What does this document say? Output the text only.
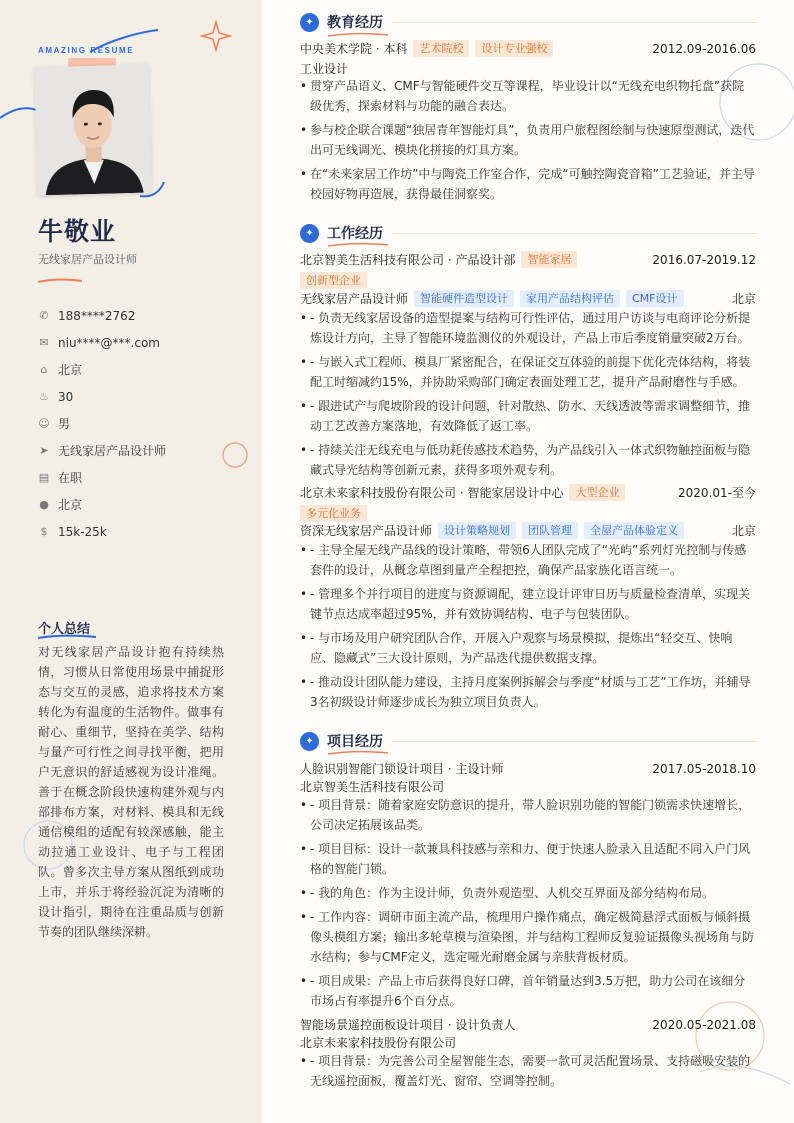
AMAZING RESUME
牛敬业
无线家居产品设计师
✆ 188****2762
✉ niu****@***.com
⌂ 北京
♨ 30
☺ 男
➤ 无线家居产品设计师
▤ 在职
● 北京
$ 15k-25k
个人总结
对无线家居产品设计抱有持续热情，习惯从日常使用场景中捕捉形态与交互的灵感，追求将技术方案转化为有温度的生活物件。做事有耐心、重细节，坚持在美学、结构与量产可行性之间寻找平衡，把用户无意识的舒适感视为设计准绳。善于在概念阶段快速构建外观与内部排布方案，对材料、模具和无线通信模组的适配有较深感触，能主动拉通工业设计、电子与工程团队。曾多次主导方案从图纸到成功上市，并乐于将经验沉淀为清晰的设计指引，期待在注重品质与创新节奏的团队继续深耕。
✦ 教育经历
中央美术学院 · 本科	艺术院校	设计专业强校	2012.09-2016.06
工业设计
• 贯穿产品语义、CMF与智能硬件交互等课程，毕业设计以“无线充电织物托盘”获院级优秀，探索材料与功能的融合表达。
• 参与校企联合课题“独居青年智能灯具”，负责用户旅程图绘制与快速原型测试，迭代出可无线调光、模块化拼接的灯具方案。
• 在“未来家居工作坊”中与陶瓷工作室合作，完成“可触控陶瓷音箱”工艺验证，并主导校园好物再造展，获得最佳洞察奖。
✦ 工作经历
北京智美生活科技有限公司 · 产品设计部	智能家居	2016.07-2019.12
创新型企业
无线家居产品设计师	智能硬件造型设计	家用产品结构评估	CMF设计	北京
• - 负责无线家居设备的造型提案与结构可行性评估，通过用户访谈与电商评论分析提炼设计方向，主导了智能环境监测仪的外观设计，产品上市后季度销量突破2万台。
• - 与嵌入式工程师、模具厂紧密配合，在保证交互体验的前提下优化壳体结构，将装配工时缩减约15%，并协助采购部门确定表面处理工艺，提升产品耐磨性与手感。
• - 跟进试产与爬坡阶段的设计问题，针对散热、防水、天线透波等需求调整细节，推动工艺改善方案落地，有效降低了返工率。
• - 持续关注无线充电与低功耗传感技术趋势，为产品线引入一体式织物触控面板与隐藏式导光结构等创新元素，获得多项外观专利。
北京未来家科技股份有限公司 · 智能家居设计中心	大型企业	2020.01-至今
多元化业务
资深无线家居产品设计师	设计策略规划	团队管理	全屋产品体验定义	北京
• - 主导全屋无线产品线的设计策略，带领6人团队完成了“光屿”系列灯光控制与传感套件的设计，从概念草图到量产全程把控，确保产品家族化语言统一。
• - 管理多个并行项目的进度与资源调配，建立设计评审日历与质量检查清单，实现关键节点达成率超过95%，并有效协调结构、电子与包装团队。
• - 与市场及用户研究团队合作，开展入户观察与场景模拟，提炼出“轻交互、快响应、隐藏式”三大设计原则，为产品迭代提供数据支撑。
• - 推动设计团队能力建设，主持月度案例拆解会与季度“材质与工艺”工作坊，并辅导3名初级设计师逐步成长为独立项目负责人。
✦ 项目经历
人脸识别智能门锁设计项目 · 主设计师	2017.05-2018.10
北京智美生活科技有限公司
• - 项目背景：随着家庭安防意识的提升，带人脸识别功能的智能门锁需求快速增长，公司决定拓展该品类。
• - 项目目标：设计一款兼具科技感与亲和力、便于快速人脸录入且适配不同入户门风格的智能门锁。
• - 我的角色：作为主设计师，负责外观造型、人机交互界面及部分结构布局。
• - 工作内容：调研市面主流产品，梳理用户操作痛点，确定极简悬浮式面板与倾斜摄像头模组方案；输出多轮草模与渲染图，并与结构工程师反复验证摄像头视场角与防水结构；参与CMF定义，选定哑光耐磨金属与亲肤背板材质。
• - 项目成果：产品上市后获得良好口碑，首年销量达到3.5万把，助力公司在该细分市场占有率提升6个百分点。
智能场景遥控面板设计项目 · 设计负责人	2020.05-2021.08
北京未来家科技股份有限公司
• - 项目背景：为完善公司全屋智能生态，需要一款可灵活配置场景、支持磁吸安装的无线遥控面板，覆盖灯光、窗帘、空调等控制。
